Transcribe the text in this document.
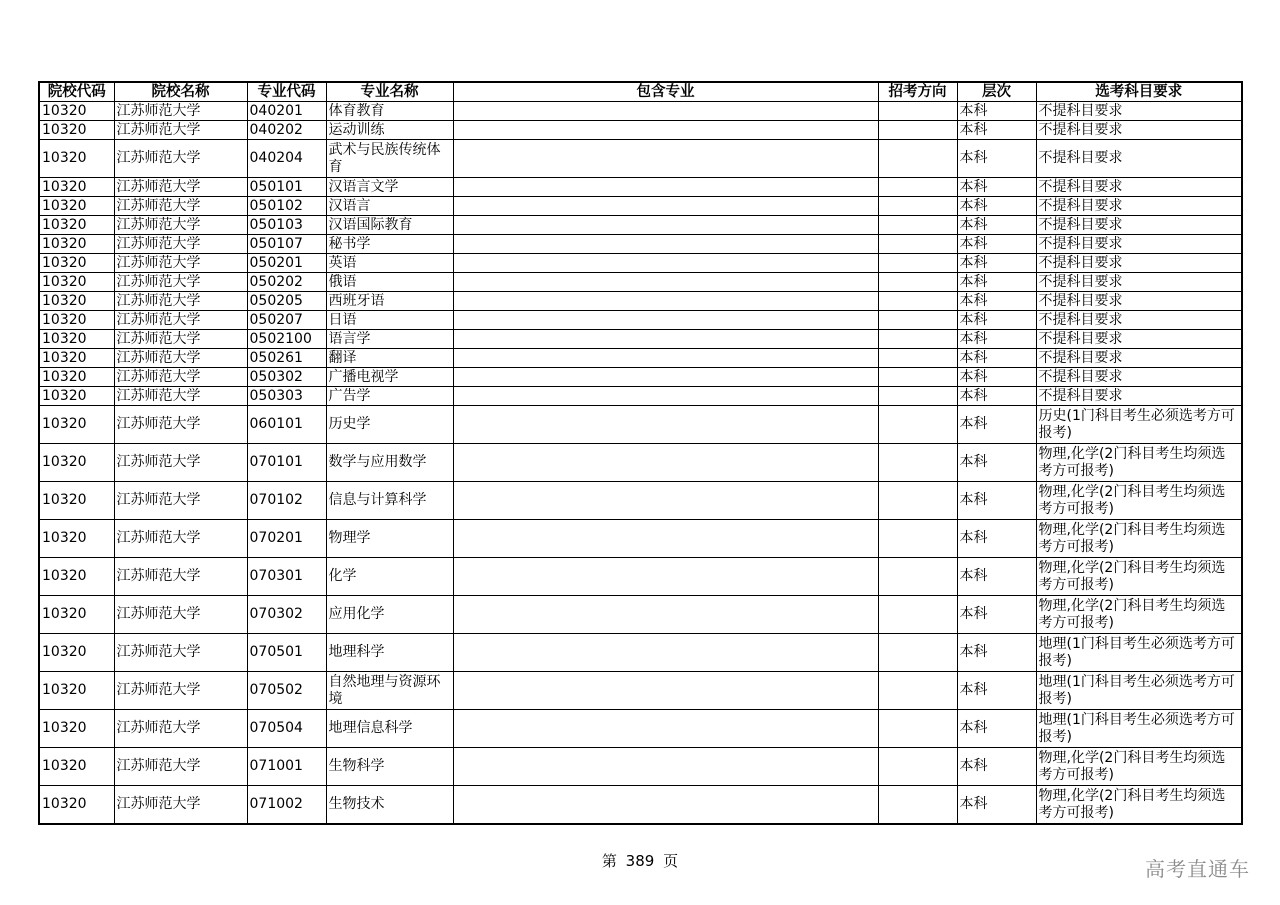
院校代码	院校名称	专业代码	专业名称	包含专业	招考方向	层次	选考科目要求
10320	江苏师范大学	040201	体育教育			本科	不提科目要求
10320	江苏师范大学	040202	运动训练			本科	不提科目要求
10320	江苏师范大学	040204	武术与民族传统体育			本科	不提科目要求
10320	江苏师范大学	050101	汉语言文学			本科	不提科目要求
10320	江苏师范大学	050102	汉语言			本科	不提科目要求
10320	江苏师范大学	050103	汉语国际教育			本科	不提科目要求
10320	江苏师范大学	050107	秘书学			本科	不提科目要求
10320	江苏师范大学	050201	英语			本科	不提科目要求
10320	江苏师范大学	050202	俄语			本科	不提科目要求
10320	江苏师范大学	050205	西班牙语			本科	不提科目要求
10320	江苏师范大学	050207	日语			本科	不提科目要求
10320	江苏师范大学	0502100	语言学			本科	不提科目要求
10320	江苏师范大学	050261	翻译			本科	不提科目要求
10320	江苏师范大学	050302	广播电视学			本科	不提科目要求
10320	江苏师范大学	050303	广告学			本科	不提科目要求
10320	江苏师范大学	060101	历史学			本科	历史(1门科目考生必须选考方可报考)
10320	江苏师范大学	070101	数学与应用数学			本科	物理,化学(2门科目考生均须选考方可报考)
10320	江苏师范大学	070102	信息与计算科学			本科	物理,化学(2门科目考生均须选考方可报考)
10320	江苏师范大学	070201	物理学			本科	物理,化学(2门科目考生均须选考方可报考)
10320	江苏师范大学	070301	化学			本科	物理,化学(2门科目考生均须选考方可报考)
10320	江苏师范大学	070302	应用化学			本科	物理,化学(2门科目考生均须选考方可报考)
10320	江苏师范大学	070501	地理科学			本科	地理(1门科目考生必须选考方可报考)
10320	江苏师范大学	070502	自然地理与资源环境			本科	地理(1门科目考生必须选考方可报考)
10320	江苏师范大学	070504	地理信息科学			本科	地理(1门科目考生必须选考方可报考)
10320	江苏师范大学	071001	生物科学			本科	物理,化学(2门科目考生均须选考方可报考)
10320	江苏师范大学	071002	生物技术			本科	物理,化学(2门科目考生均须选考方可报考)
第 389 页	高考直通车
